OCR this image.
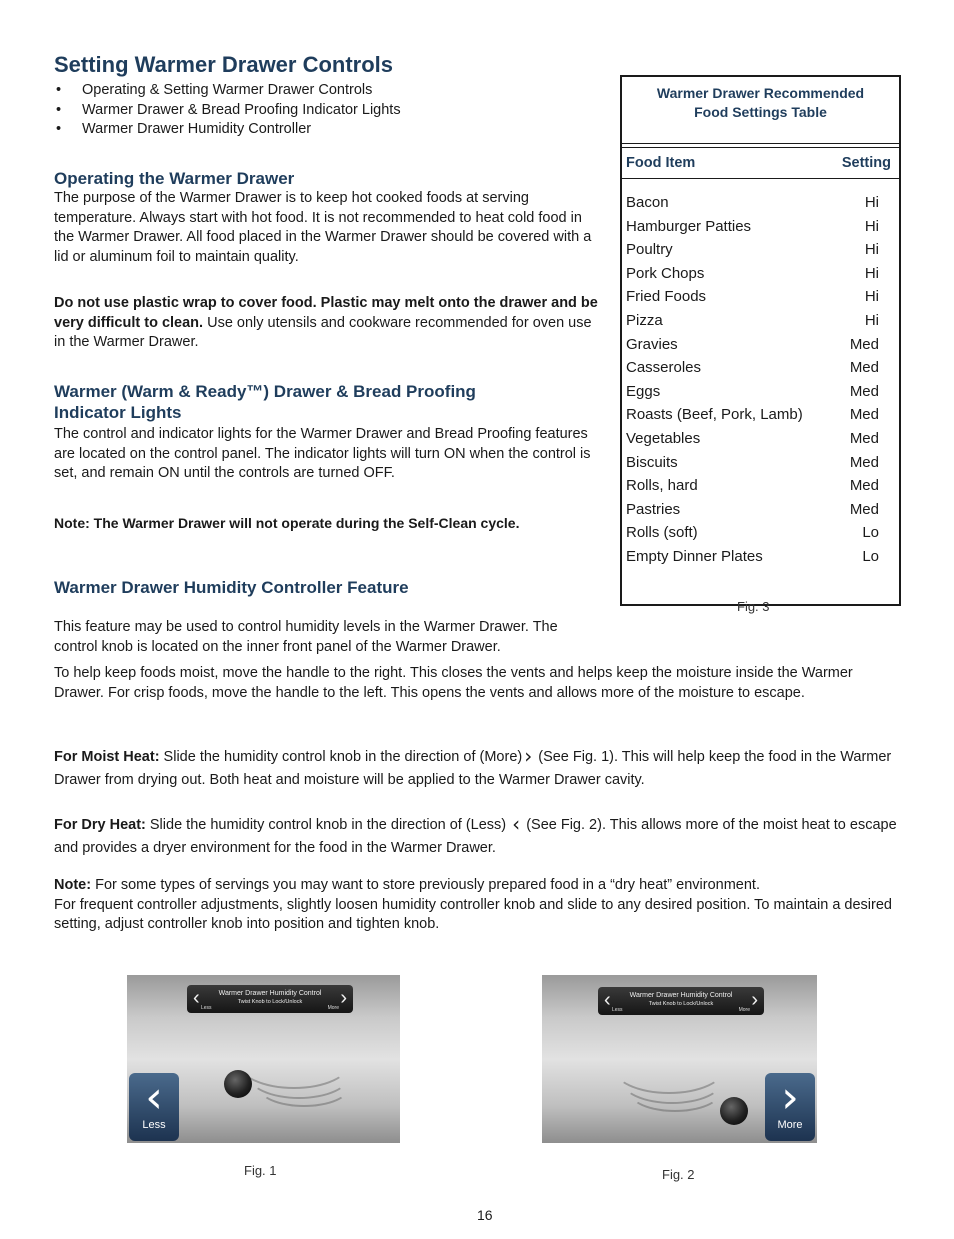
Setting Warmer Drawer Controls
• Operating & Setting Warmer Drawer Controls
• Warmer Drawer & Bread Proofing Indicator Lights
• Warmer Drawer Humidity Controller
Operating the Warmer Drawer

The purpose of the Warmer Drawer is to keep hot cooked foods at serving temperature. Always start with hot food. It is not recommended to heat cold food in the Warmer Drawer. All food placed in the Warmer Drawer should be covered with a lid or aluminum foil to maintain quality.

Do not use plastic wrap to cover food. Plastic may melt onto the drawer and be very difficult to clean. Use only utensils and cookware recommended for oven use in the Warmer Drawer.

Warmer (Warm & Ready™) Drawer & Bread Proofing
Indicator Lights

The control and indicator lights for the Warmer Drawer and Bread Proofing features are located on the control panel. The indicator lights will turn ON when the control is set, and remain ON until the controls are turned OFF.

Note: The Warmer Drawer will not operate during the Self-Clean cycle.

Warmer Drawer Humidity Controller Feature

This feature may be used to control humidity levels in the Warmer Drawer. The control knob is located on the inner front panel of the Warmer Drawer.

To help keep foods moist, move the handle to the right. This closes the vents and helps keep the moisture inside the Warmer Drawer. For crisp foods, move the handle to the left. This opens the vents and allows more of the moisture to escape.

For Moist Heat: Slide the humidity control knob in the direction of (More) › (See Fig. 1). This will help keep the food in the Warmer Drawer from drying out. Both heat and moisture will be applied to the Warmer Drawer cavity.

For Dry Heat: Slide the humidity control knob in the direction of (Less) ‹ (See Fig. 2). This allows more of the moist heat to escape and provides a dryer environment for the food in the Warmer Drawer.

Note: For some types of servings you may want to store previously prepared food in a “dry heat” environment.

For frequent controller adjustments, slightly loosen humidity controller knob and slide to any desired position. To maintain a desired setting, adjust controller knob into position and tighten knob.

Warmer Drawer Recommended
Food Settings Table
Food Item	Setting
Bacon	Hi
Hamburger Patties	Hi
Poultry	Hi
Pork Chops	Hi
Fried Foods	Hi
Pizza	Hi
Gravies	Med
Casseroles	Med
Eggs	Med
Roasts (Beef, Pork, Lamb)	Med
Vegetables	Med
Biscuits	Med
Rolls, hard	Med
Pastries	Med
Rolls (soft)	Lo
Empty Dinner Plates	Lo
Fig. 3
‹	›
Warmer Drawer Humidity Control
Twist Knob to Lock/Unlock
Less	More
‹
Less
Fig. 1
‹	›
Warmer Drawer Humidity Control
Twist Knob to Lock/Unlock
Less	More
›
More
Fig. 2
16
